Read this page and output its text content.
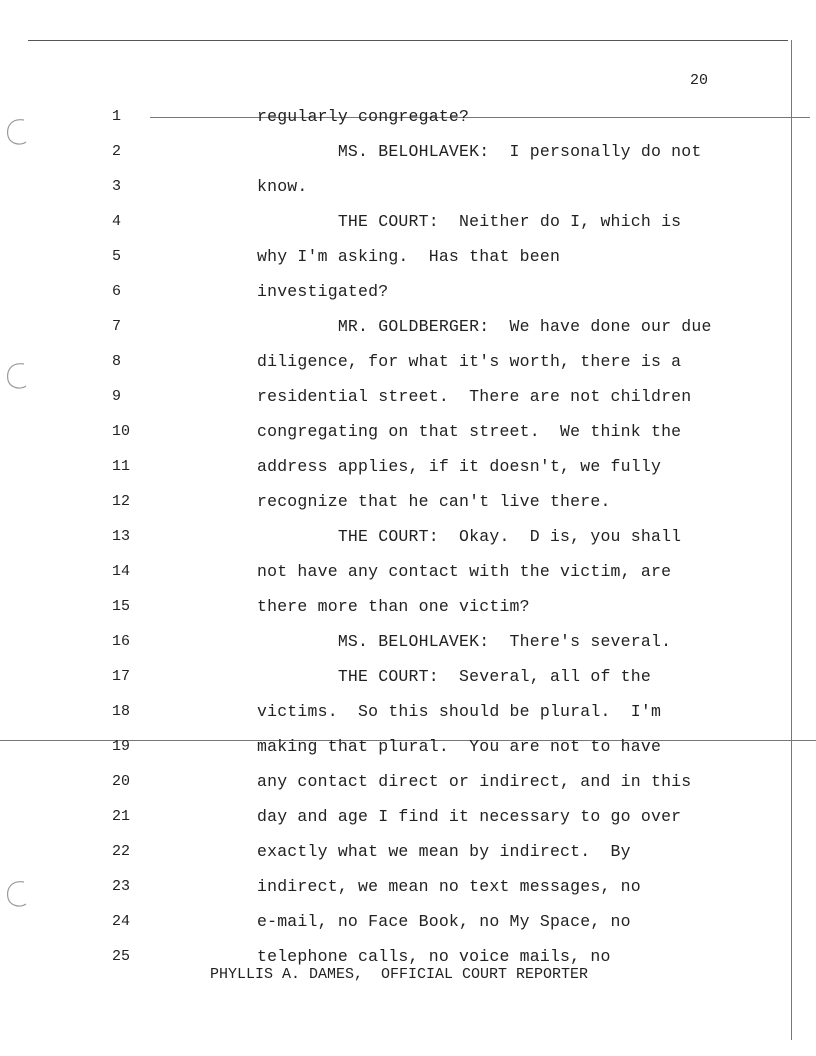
20
1	regularly congregate?
2	MS. BELOHLAVEK:  I personally do not
3	know.
4	THE COURT:  Neither do I, which is
5	why I'm asking.  Has that been
6	investigated?
7	MR. GOLDBERGER:  We have done our due
8	diligence, for what it's worth, there is a
9	residential street.  There are not children
10	congregating on that street.  We think the
11	address applies, if it doesn't, we fully
12	recognize that he can't live there.
13	THE COURT:  Okay.  D is, you shall
14	not have any contact with the victim, are
15	there more than one victim?
16	MS. BELOHLAVEK:  There's several.
17	THE COURT:  Several, all of the
18	victims.  So this should be plural.  I'm
19	making that plural.  You are not to have
20	any contact direct or indirect, and in this
21	day and age I find it necessary to go over
22	exactly what we mean by indirect.  By
23	indirect, we mean no text messages, no
24	e-mail, no Face Book, no My Space, no
25	telephone calls, no voice mails, no
PHYLLIS A. DAMES,  OFFICIAL COURT REPORTER
